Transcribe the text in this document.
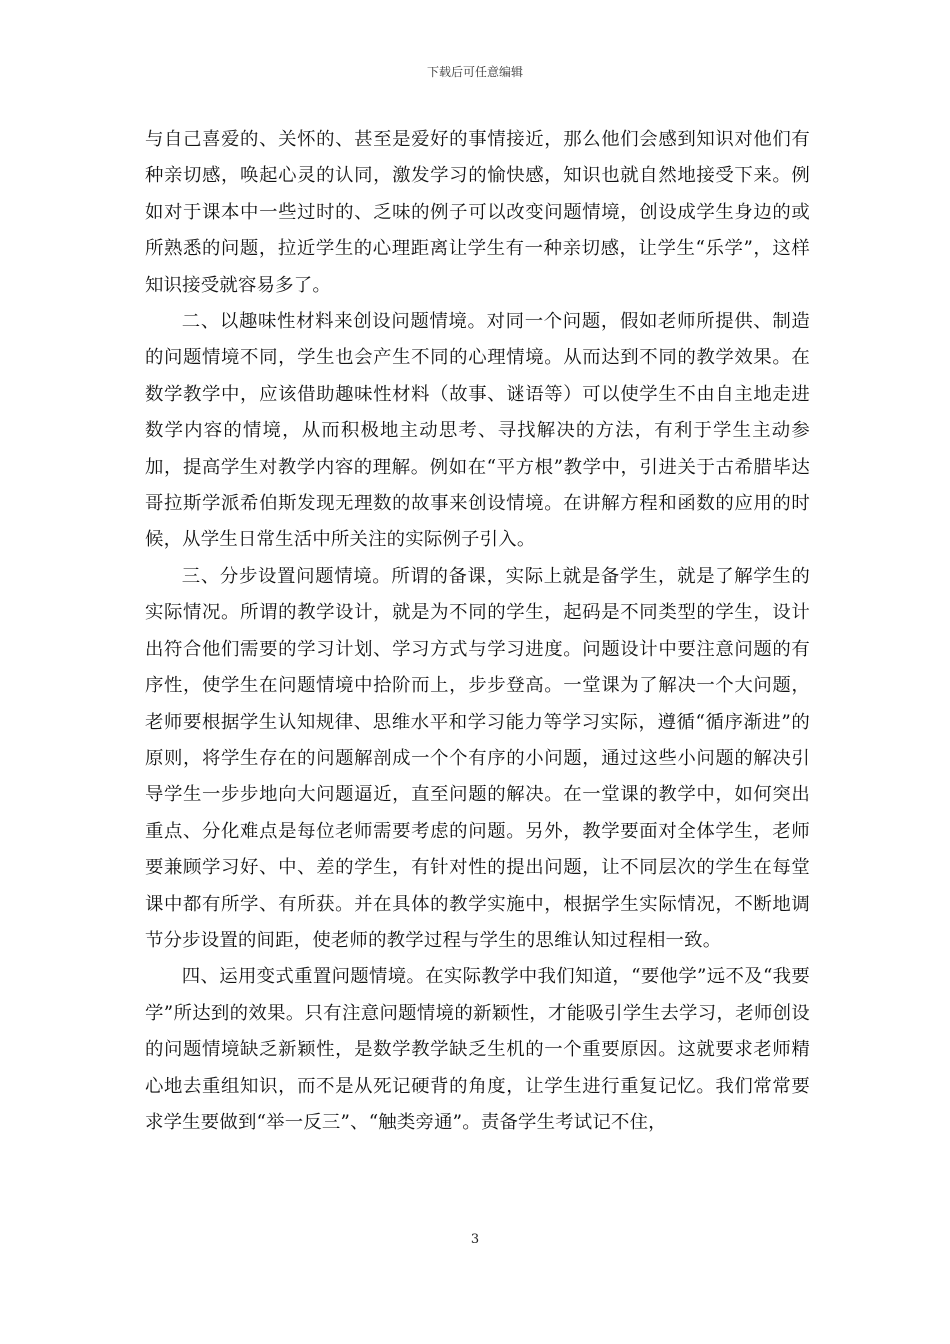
下载后可任意编辑

与自己喜爱的、关怀的、甚至是爱好的事情接近，那么他们会感到知识对他们有种亲切感，唤起心灵的认同，激发学习的愉快感，知识也就自然地接受下来。例如对于课本中一些过时的、乏味的例子可以改变问题情境，创设成学生身边的或所熟悉的问题，拉近学生的心理距离让学生有一种亲切感，让学生“乐学”，这样知识接受就容易多了。

二、以趣味性材料来创设问题情境。对同一个问题，假如老师所提供、制造的问题情境不同，学生也会产生不同的心理情境。从而达到不同的教学效果。在数学教学中，应该借助趣味性材料（故事、谜语等）可以使学生不由自主地走进数学内容的情境，从而积极地主动思考、寻找解决的方法，有利于学生主动参加，提高学生对教学内容的理解。例如在“平方根”教学中，引进关于古希腊毕达哥拉斯学派希伯斯发现无理数的故事来创设情境。在讲解方程和函数的应用的时候，从学生日常生活中所关注的实际例子引入。

三、分步设置问题情境。所谓的备课，实际上就是备学生，就是了解学生的实际情况。所谓的教学设计，就是为不同的学生，起码是不同类型的学生，设计出符合他们需要的学习计划、学习方式与学习进度。问题设计中要注意问题的有序性，使学生在问题情境中拾阶而上，步步登高。一堂课为了解决一个大问题，老师要根据学生认知规律、思维水平和学习能力等学习实际，遵循“循序渐进”的原则，将学生存在的问题解剖成一个个有序的小问题，通过这些小问题的解决引导学生一步步地向大问题逼近，直至问题的解决。在一堂课的教学中，如何突出重点、分化难点是每位老师需要考虑的问题。另外，教学要面对全体学生，老师要兼顾学习好、中、差的学生，有针对性的提出问题，让不同层次的学生在每堂课中都有所学、有所获。并在具体的教学实施中，根据学生实际情况，不断地调节分步设置的间距，使老师的教学过程与学生的思维认知过程相一致。

四、运用变式重置问题情境。在实际教学中我们知道，“要他学”远不及“我要学”所达到的效果。只有注意问题情境的新颖性，才能吸引学生去学习，老师创设的问题情境缺乏新颖性，是数学教学缺乏生机的一个重要原因。这就要求老师精心地去重组知识，而不是从死记硬背的角度，让学生进行重复记忆。我们常常要求学生要做到“举一反三”、“触类旁通”。责备学生考试记不住，

3
